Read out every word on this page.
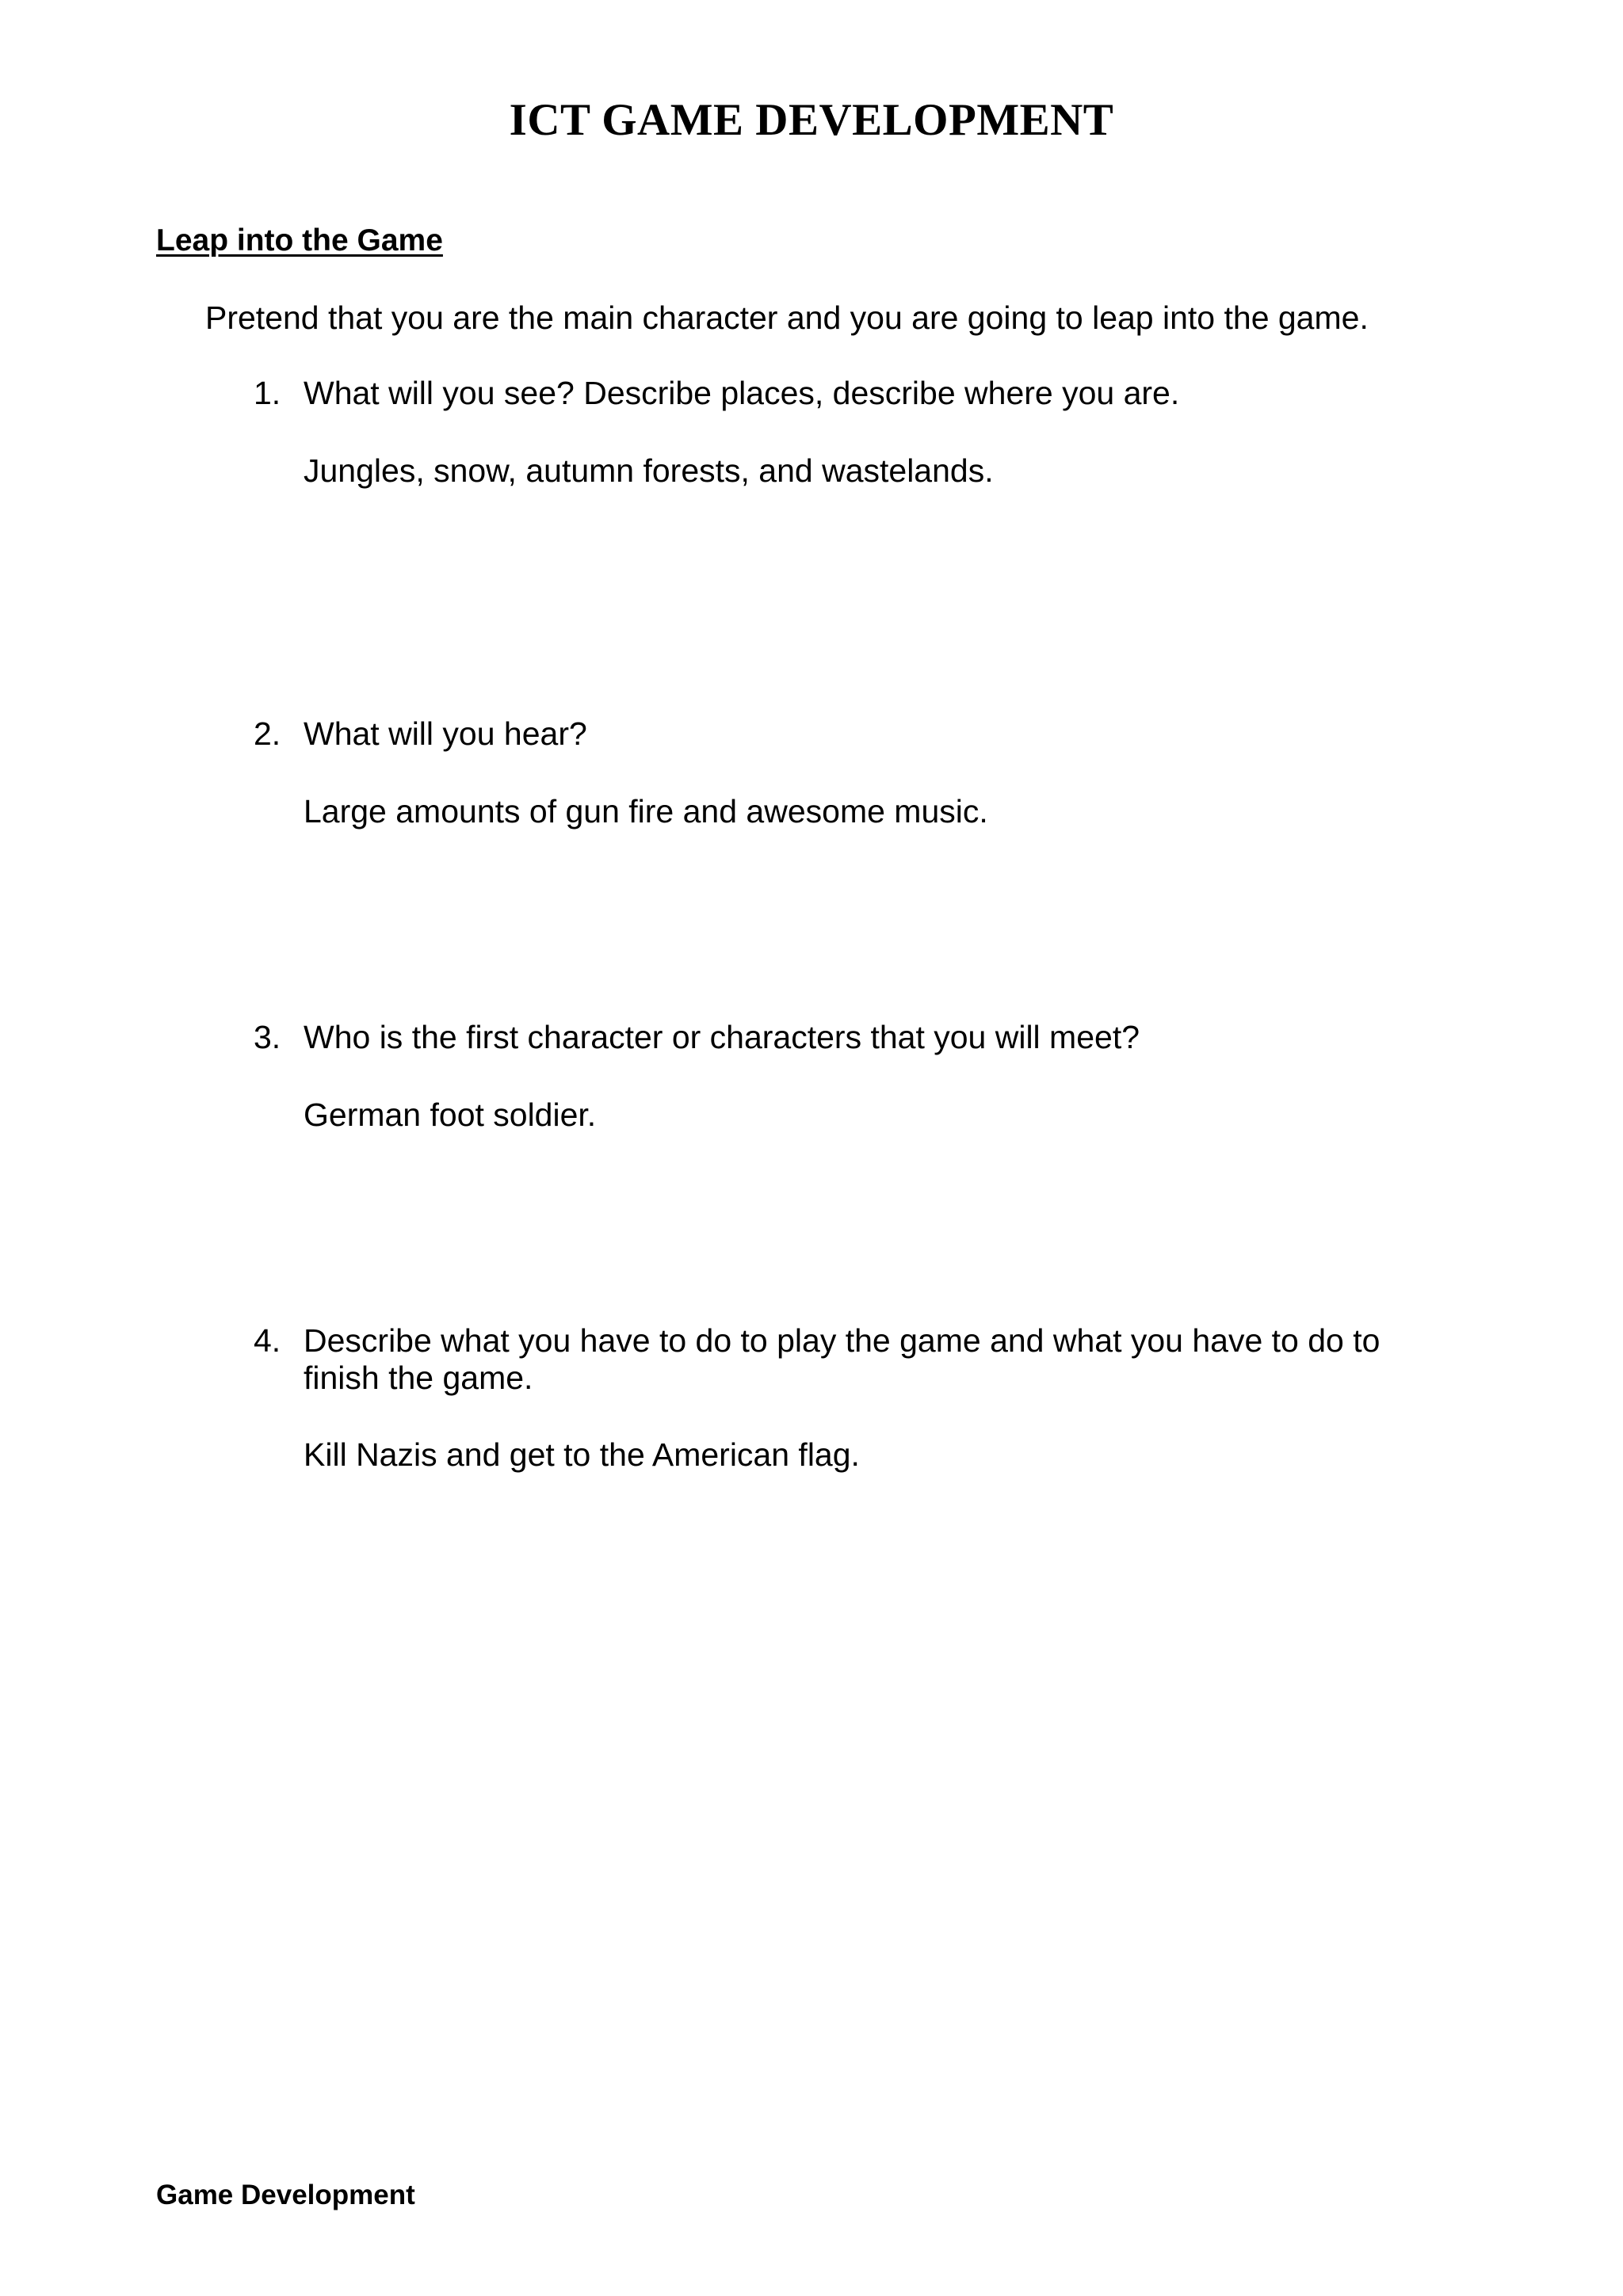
ICT GAME DEVELOPMENT
Leap into the Game
Pretend that you are the main character and you are going to leap into the game.
1. What will you see? Describe places, describe where you are.
Jungles, snow, autumn forests, and wastelands.
2. What will you hear?
Large amounts of gun fire and awesome music.
3. Who is the first character or characters that you will meet?
German foot soldier.
4. Describe what you have to do to play the game and what you have to do to finish the game.
Kill Nazis and get to the American flag.
Game Development
